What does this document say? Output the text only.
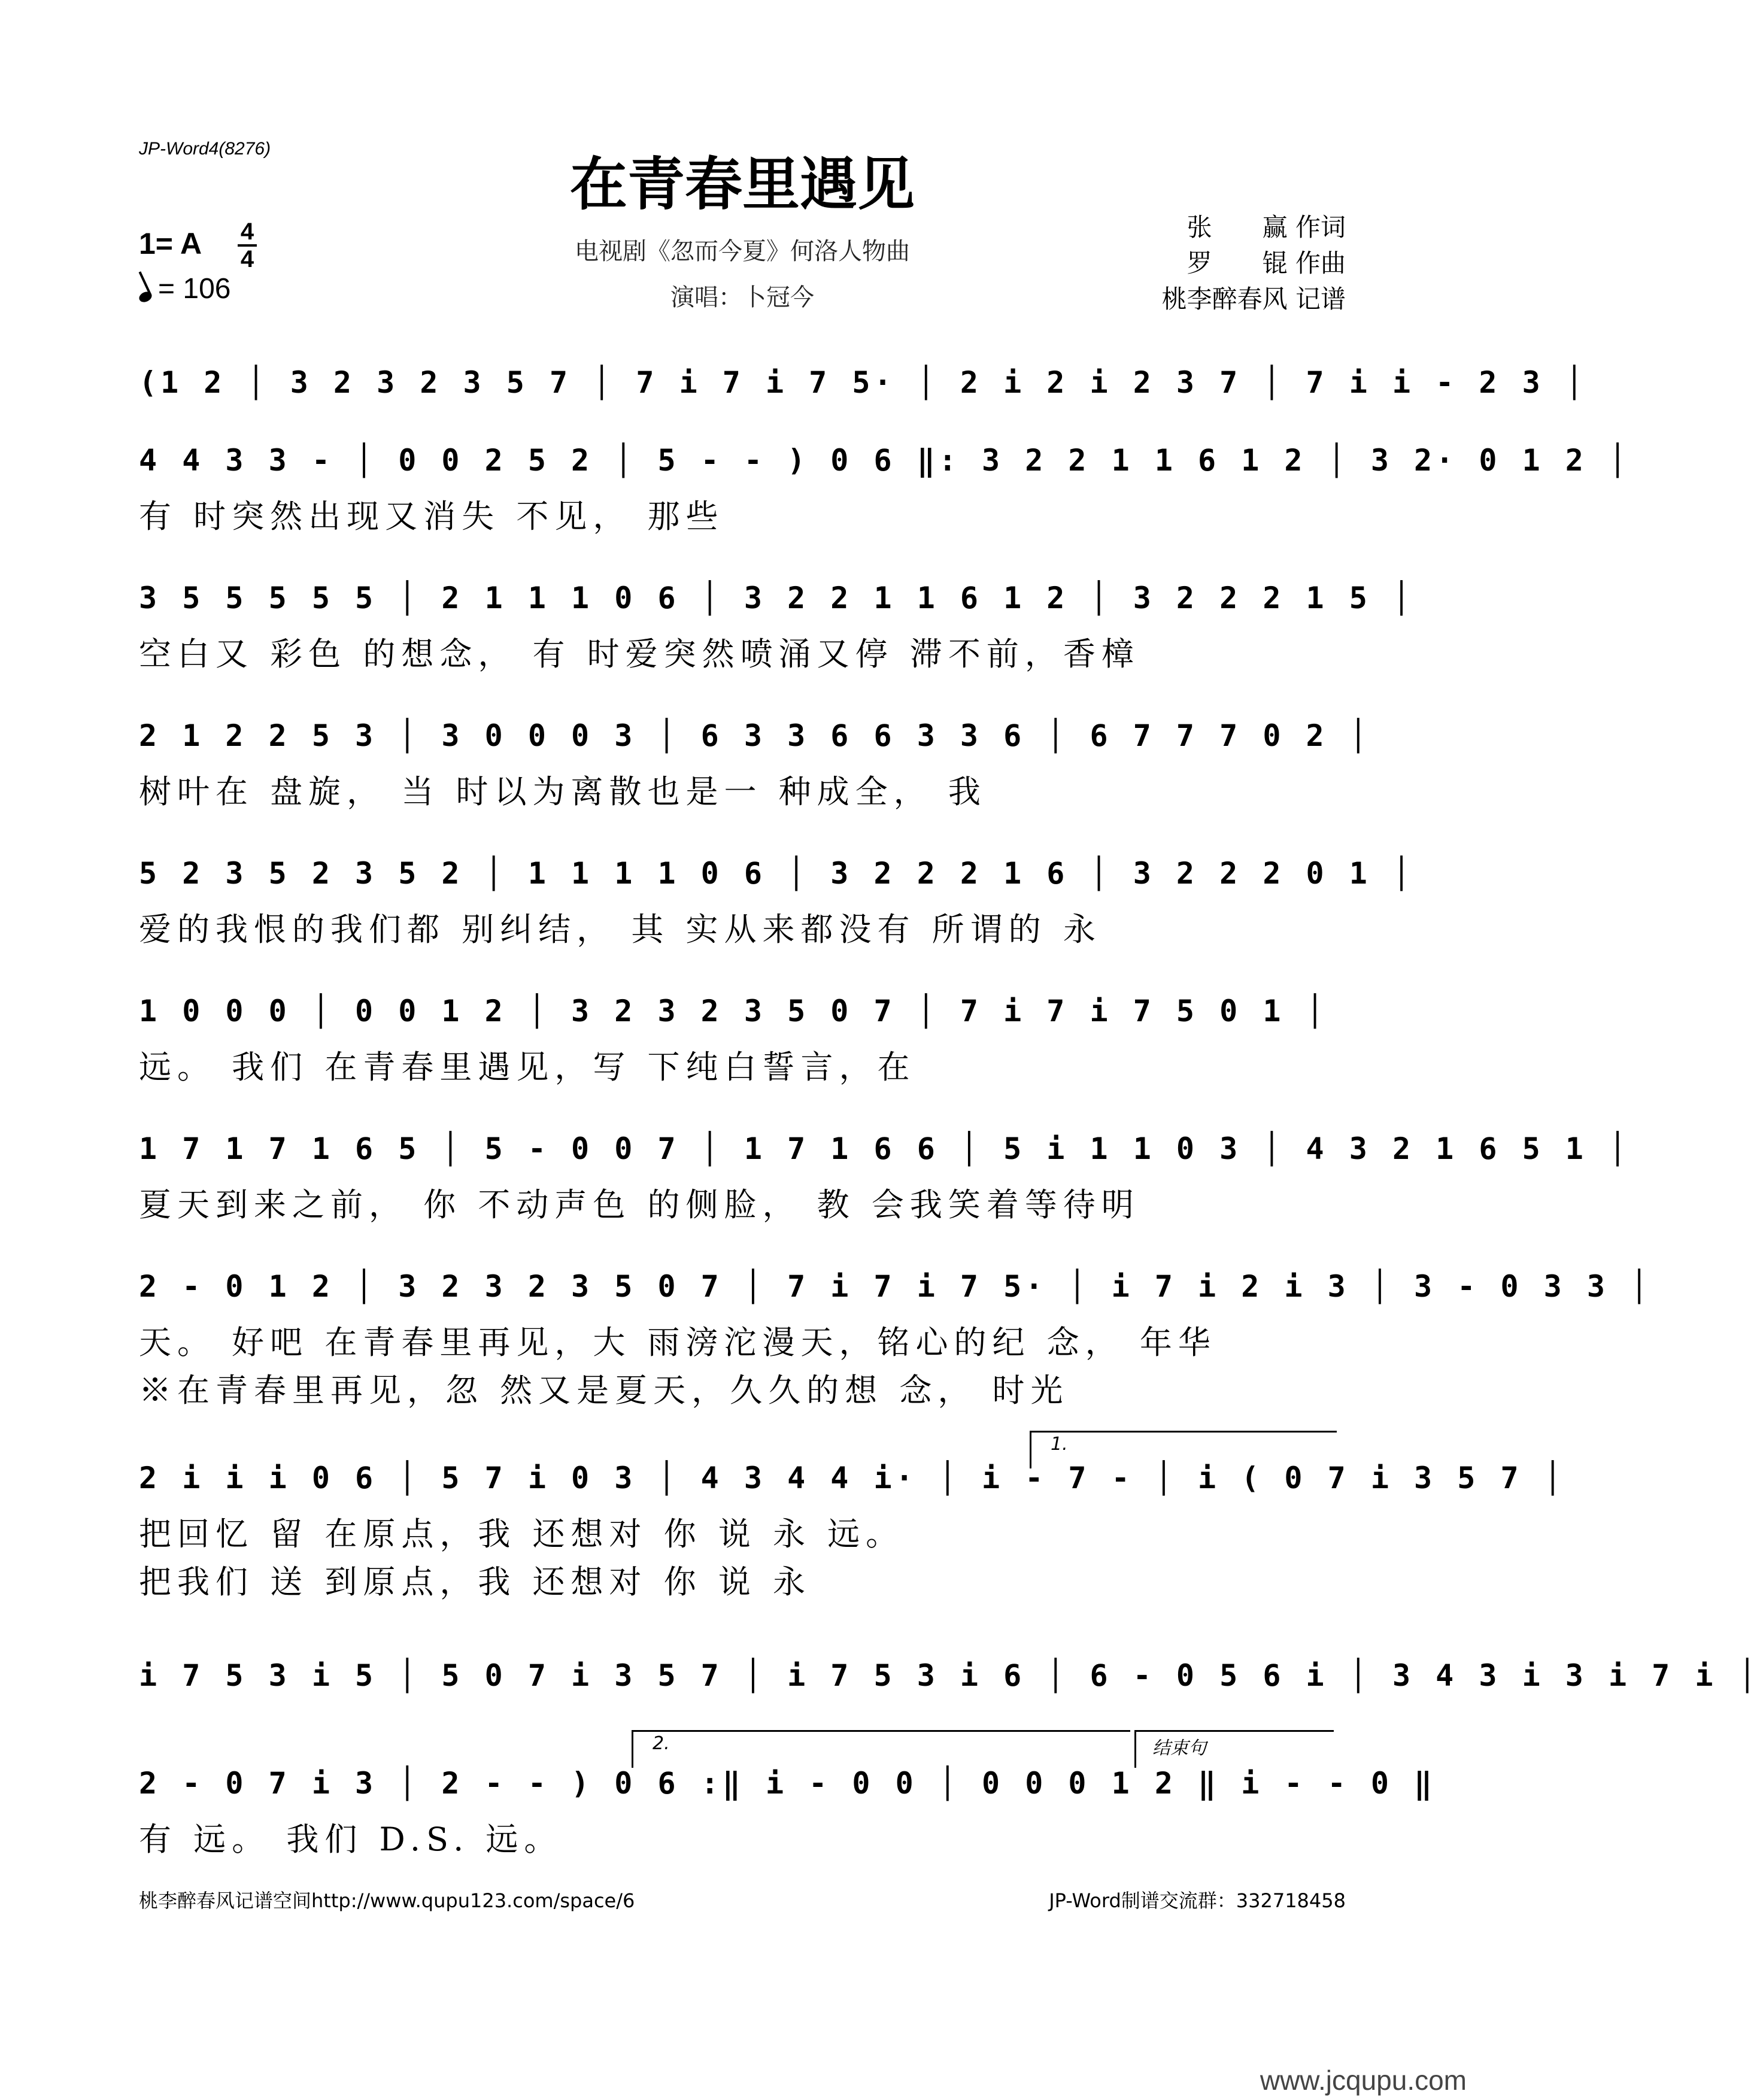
JP-Word4(8276)
在青春里遇见
1= A 4
4
= 106
电视剧《忽而今夏》何洛人物曲
演唱：卜冠今
张　　赢 作词
罗　　锟 作曲
桃李醉春风 记谱
(1 2 │ 3 2 3 2 3 5 7 │ 7 i 7 i 7 5· │ 2 i 2 i 2 3 7 │ 7 i i - 2 3 │
4 4 3 3 - │ 0 0 2 5 2 │ 5 - - ) 0 6 ‖: 3 2 2 1 1 6 1 2 │ 3 2· 0 1 2 │
有 时突然出现又消失 不见， 那些
3 5 5 5 5 5 │ 2 1 1 1 0 6 │ 3 2 2 1 1 6 1 2 │ 3 2 2 2 1 5 │
空白又 彩色 的想念， 有 时爱突然喷涌又停 滞不前，香樟
2 1 2 2 5 3 │ 3 0 0 0 3 │ 6 3 3 6 6 3 3 6 │ 6 7 7 7 0 2 │
树叶在 盘旋， 当 时以为离散也是一 种成全， 我
5 2 3 5 2 3 5 2 │ 1 1 1 1 0 6 │ 3 2 2 2 1 6 │ 3 2 2 2 0 1 │
爱的我恨的我们都 别纠结， 其 实从来都没有 所谓的 永
1 0 0 0 │ 0 0 1 2 │ 3 2 3 2 3 5 0 7 │ 7 i 7 i 7 5 0 1 │
远。 我们 在青春里遇见，写 下纯白誓言，在
1 7 1 7 1 6 5 │ 5 - 0 0 7 │ 1 7 1 6 6 │ 5 i 1 1 0 3 │ 4 3 2 1 6 5 1 │
夏天到来之前， 你 不动声色 的侧脸， 教 会我笑着等待明
2 - 0 1 2 │ 3 2 3 2 3 5 0 7 │ 7 i 7 i 7 5· │ i 7 i 2 i 3 │ 3 - 0 3 3 │
天。 好吧 在青春里再见，大 雨滂沱漫天，铭心的纪 念， 年华
※在青春里再见，忽 然又是夏天，久久的想 念， 时光
2 i i i 0 6 │ 5 7 i 0 3 │ 4 3 4 4 i· │ i - 7 - │ i ( 0 7 i 3 5 7 │
把回忆 留 在原点，我 还想对 你 说 永 远。
把我们 送 到原点，我 还想对 你 说 永
i 7 5 3 i 5 │ 5 0 7 i 3 5 7 │ i 7 5 3 i 6 │ 6 - 0 5 6 i │ 3 4 3 i 3 i 7 i │
2 - 0 7 i 3 │ 2 - - ) 0 6 :‖ i - 0 0 │ 0 0 0 1 2 ‖ i - - 0 ‖
有 远。 我们 D.S. 远。
1.
2.	结束句
桃李醉春风记谱空间http://www.qupu123.com/space/6	JP-Word制谱交流群：332718458
www.jcqupu.com
